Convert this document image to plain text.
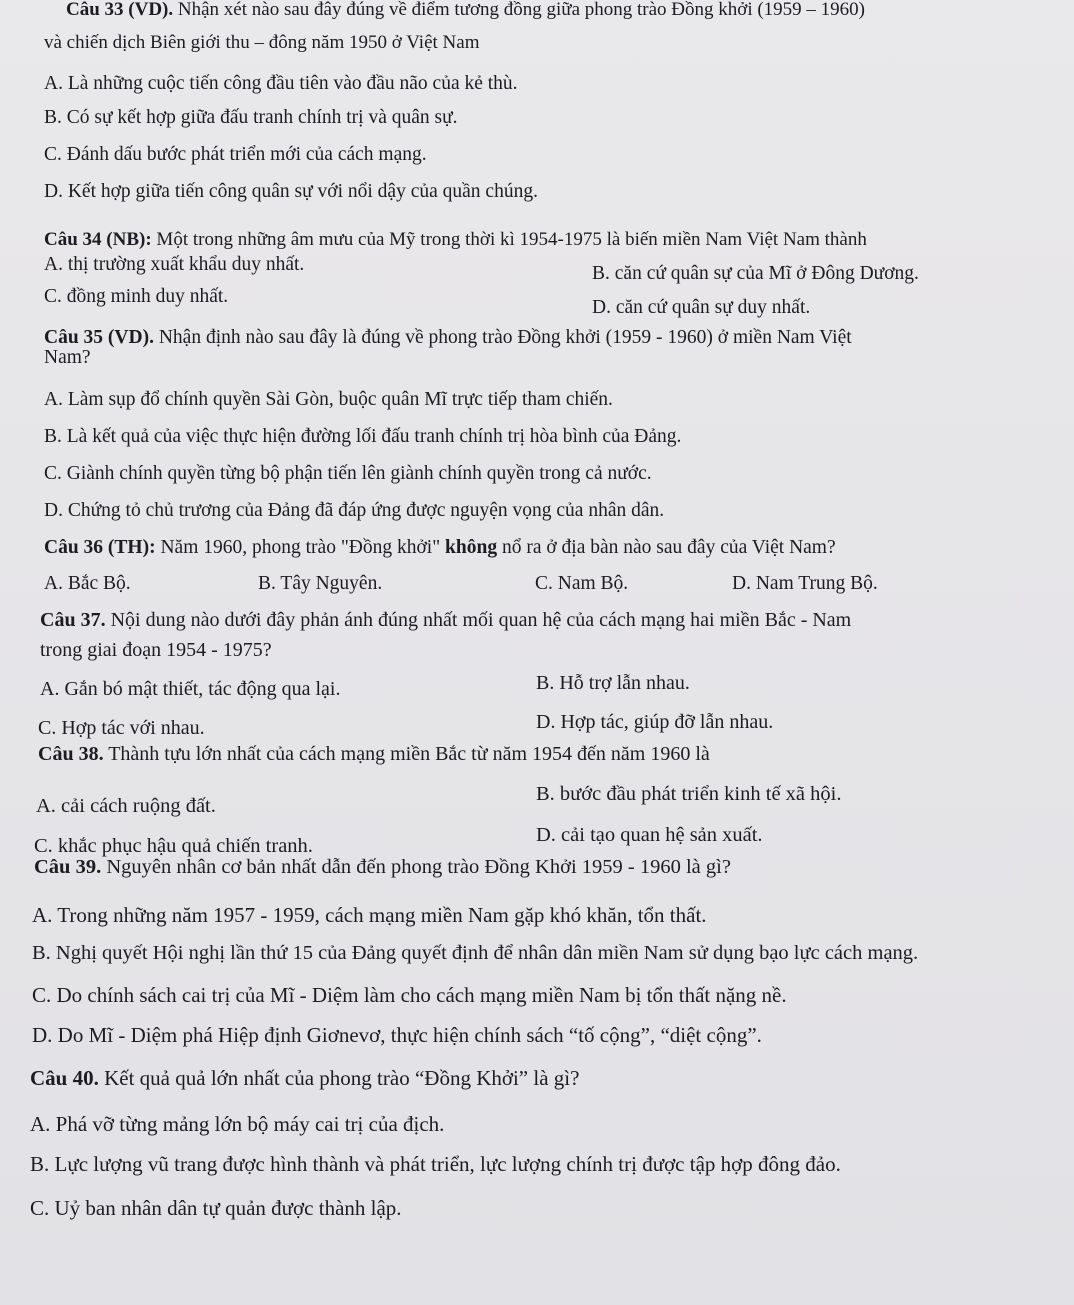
Câu 33 (VD). Nhận xét nào sau đây đúng về điểm tương đồng giữa phong trào Đồng khởi (1959 – 1960)
và chiến dịch Biên giới thu – đông năm 1950 ở Việt Nam
A. Là những cuộc tiến công đầu tiên vào đầu não của kẻ thù.
B. Có sự kết hợp giữa đấu tranh chính trị và quân sự.
C. Đánh dấu bước phát triển mới của cách mạng.
D. Kết hợp giữa tiến công quân sự với nổi dậy của quần chúng.
Câu 34 (NB): Một trong những âm mưu của Mỹ trong thời kì 1954-1975 là biến miền Nam Việt Nam thành
A. thị trường xuất khẩu duy nhất.	B. căn cứ quân sự của Mĩ ở Đông Dương.
C. đồng minh duy nhất.
D. căn cứ quân sự duy nhất.
Câu 35 (VD). Nhận định nào sau đây là đúng về phong trào Đồng khởi (1959 - 1960) ở miền Nam Việt
Nam?
A. Làm sụp đổ chính quyền Sài Gòn, buộc quân Mĩ trực tiếp tham chiến.
B. Là kết quả của việc thực hiện đường lối đấu tranh chính trị hòa bình của Đảng.
C. Giành chính quyền từng bộ phận tiến lên giành chính quyền trong cả nước.
D. Chứng tỏ chủ trương của Đảng đã đáp ứng được nguyện vọng của nhân dân.
Câu 36 (TH): Năm 1960, phong trào "Đồng khởi" không nổ ra ở địa bàn nào sau đây của Việt Nam?
A. Bắc Bộ.	B. Tây Nguyên.	C. Nam Bộ.	D. Nam Trung Bộ.
Câu 37. Nội dung nào dưới đây phản ánh đúng nhất mối quan hệ của cách mạng hai miền Bắc - Nam
trong giai đoạn 1954 - 1975?
A. Gắn bó mật thiết, tác động qua lại.	B. Hỗ trợ lẫn nhau.
C. Hợp tác với nhau.	D. Hợp tác, giúp đỡ lẫn nhau.
Câu 38. Thành tựu lớn nhất của cách mạng miền Bắc từ năm 1954 đến năm 1960 là
A. cải cách ruộng đất.
B. bước đầu phát triển kinh tế xã hội.
C. khắc phục hậu quả chiến tranh.	D. cải tạo quan hệ sản xuất.
Câu 39. Nguyên nhân cơ bản nhất dẫn đến phong trào Đồng Khởi 1959 - 1960 là gì?
A. Trong những năm 1957 - 1959, cách mạng miền Nam gặp khó khăn, tổn thất.
B. Nghị quyết Hội nghị lần thứ 15 của Đảng quyết định để nhân dân miền Nam sử dụng bạo lực cách mạng.
C. Do chính sách cai trị của Mĩ - Diệm làm cho cách mạng miền Nam bị tổn thất nặng nề.
D. Do Mĩ - Diệm phá Hiệp định Giơnevơ, thực hiện chính sách “tố cộng”, “diệt cộng”.
Câu 40. Kết quả quả lớn nhất của phong trào “Đồng Khởi” là gì?
A. Phá vỡ từng mảng lớn bộ máy cai trị của địch.
B. Lực lượng vũ trang được hình thành và phát triển, lực lượng chính trị được tập hợp đông đảo.
C. Uỷ ban nhân dân tự quản được thành lập.
